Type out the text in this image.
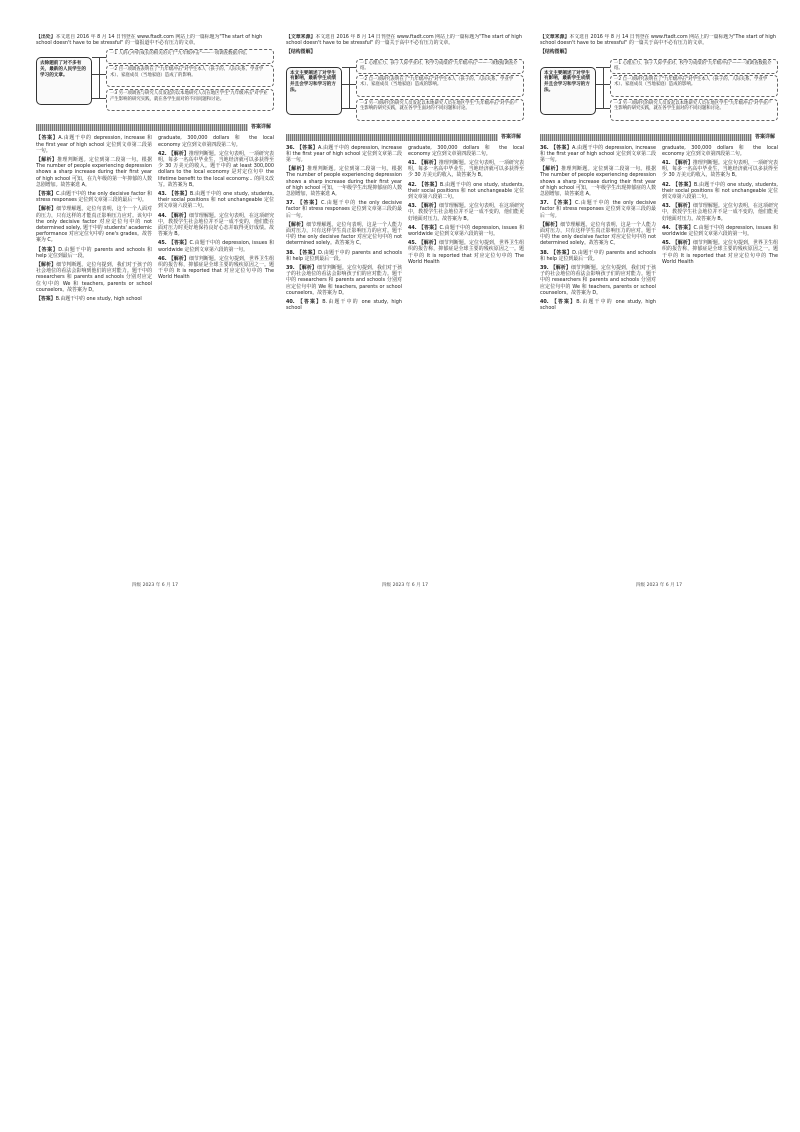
【出处】本文选自 2016 年 8 月 14 日刊登在 www.ftadt.com 网站上的一篇标题为"The start of high school doesn't have to be stressful" 的一篇报道中不必有压力的文章。
去除题前了对不多有关，最新的人民学生的学习的文章。
一1 人的心中的成长的相关的关于"九年级冲击"——一项调查数据介绍。
一2 目一项调查表明在了"九年级冲击"对学生本人（孩子的、人际关系、学业学术）、家庭成员（当地家庭）造成了的影响。
一3 另一项调查与研究人员发起的以本地研究人员在地区学生"九年级冲击"对学业产生影响的研究实践，就在各学生面对的不同问题和讨论。
答案详解

【答案】A.由题干中的 depression, increase 和 the first year of high school 定位到文章第二段第一句。

【解析】推理判断题。定位到第二段第一句。根据 The number of people experiencing depression shows a sharp increase during their first year of high school 可知，在九年级的第一年抑郁的人数急剧增加。故答案选 A。

【答案】C.由题干中的 the only decisive factor 和 stress responses 定位到文章第三段的最后一句。

【解析】细节理解题。定位句表明，这个一个人面对的压力，只有这样的才能真正影响压力应对。该句中 the only decisive factor 对应定位句中的 not determined solely, 题干中的 students' academic performance 对应定位句中的 one's grades。故答案为 C。

【答案】D.由题干中的 parents and schools 和 help 定位到最后一段。

【解析】细节判断题。定位句提到，我们对于孩子的社会地位的看法会影响到他们的应对能力。题干中的 researchers 和 parents and schools 分别对应定位句中的 We 和 teachers, parents or school counselors。故答案为 D。

【答案】B.由题干中的 one study, high school

graduate, 300,000 dollars 和 the local economy 定位到文章第四段第二句。

42. 【解析】推理判断题。定位句表明，一项研究表明，每多一名高中毕业生，当地经济就可以多获得至少 30 万美元的收入。题干中的 at least 300,000 dollars to the local economy 是对定位句中 the lifetime benefit to the local economy... 的同义改写。故答案为 B。

43. 【答案】B.由题干中的 one study, students, their social positions 和 not unchangeable 定位到文章第六段第二句。

44. 【解析】细节理解题。定位句表明，在这项研究中，教授学生社会地位并不是一成不变的，他们能在面对压力时更好地保持良好心态并取得更好成绩。故答案为 B。

45. 【答案】C.由题干中的 depression, issues 和 worldwide 定位到文章第六段的第一句。

46. 【解析】细节判断题。定位句提到，世界卫生组织的报告称，抑郁症是全球主要的残疾原因之一。题干中的 It is reported that 对应定位句中的 The World Health

四级 2023 年 6 月 17
【文章来源】本文选自 2016 年 8 月 14 日刊登在 www.ftadt.com 网站上的一篇标题为"The start of high school doesn't have to be stressful" 的一篇关于高中不必有压力的文章。
【结构图解】
本文主要阐述了对学生有影响，最新学生成绩并且会学习和学习的方法。
一1 心理压力、孩子人际学业对、校学习成绩的"九年级冲击"——一项数据调查介绍。
一2 自一项研究表明在了"九年级冲击"对学生本人（孩子的、人际关系、学业学术）、家庭成员（当地家庭）造成的影响。
一3 另一项研究的研究人员发起以本地研究人员在地区学生"九年级冲击"对学业产生影响的研究实践，就在各学生面对的不同问题和讨论。
答案详解

36. 【答案】A.由题干中的 depression, increase 和 the first year of high school 定位到文章第二段第一句。

【解析】推理判断题。定位到第二段第一句。根据 The number of people experiencing depression shows a sharp increase during their first year of high school 可知，一年级学生出现抑郁症的人数急剧增加，故答案选 A。

37. 【答案】C.由题干中的 the only decisive factor 和 stress responses 定位到文章第三段的最后一句。

【解析】细节理解题。定位句表明，这是一个人能力面对压力，只有这样学生真正影响压力的应对。题干中的 the only decisive factor 对应定位句中的 not determined solely。故答案为 C。

38. 【答案】D.由题干中的 parents and schools 和 help 定位到最后一段。

39. 【解析】细节判断题。定位句提到，我们对于孩子的社会地位的看法会影响孩子们的应对能力。题干中的 researchers 和 parents and schools 分别对应定位句中的 We 和 teachers, parents or school counselors。故答案为 D。

40. 【答案】B.由题干中的 one study, high school

graduate, 300,000 dollars 和 the local economy 定位到文章第四段第二句。

41. 【解析】推理判断题。定位句表明，一项研究表明，每多一名高中毕业生，当地经济就可以多获得至少 30 万美元的收入，故答案为 B。

42. 【答案】B.由题干中的 one study, students, their social positions 和 not unchangeable 定位到文章第六段第二句。

43. 【解析】细节理解题。定位句表明，在这项研究中，教授学生社会地位并不是一成不变的，他们能更好地面对压力。故答案为 B。

44. 【答案】C.由题干中的 depression, issues 和 worldwide 定位到文章第六段的第一句。

45. 【解析】细节判断题。定位句提到，世界卫生组织的报告称，抑郁症是全球主要的残疾原因之一。题干中的 It is reported that 对应定位句中的 The World Health

四级 2023 年 6 月 17
【文章来源】本文选自 2016 年 8 月 14 日刊登在 www.ftadt.com 网站上的一篇标题为"The start of high school doesn't have to be stressful" 的一篇关于高中不必有压力的文章。
【结构图解】
本文主要阐述了对学生有影响，最新学生成绩并且会学习和学习的方法。
一1 心理压力、孩子人际学业对、校学习成绩的"九年级冲击"——一项调查数据介绍。
一2 自一项研究表明在了"九年级冲击"对学生本人（孩子的、人际关系、学业学术）、家庭成员（当地家庭）造成的影响。
一3 另一项研究的研究人员发起以本地研究人员在地区学生"九年级冲击"对学业产生影响的研究实践，就在各学生面对的不同问题和讨论。
答案详解

36. 【答案】A.由题干中的 depression, increase 和 the first year of high school 定位到文章第二段第一句。

【解析】推理判断题。定位到第二段第一句。根据 The number of people experiencing depression shows a sharp increase during their first year of high school 可知，一年级学生出现抑郁症的人数急剧增加，故答案选 A。

37. 【答案】C.由题干中的 the only decisive factor 和 stress responses 定位到文章第三段的最后一句。

【解析】细节理解题。定位句表明，这是一个人能力面对压力，只有这样学生真正影响压力的应对。题干中的 the only decisive factor 对应定位句中的 not determined solely。故答案为 C。

38. 【答案】D.由题干中的 parents and schools 和 help 定位到最后一段。

39. 【解析】细节判断题。定位句提到，我们对于孩子的社会地位的看法会影响孩子们的应对能力。题干中的 researchers 和 parents and schools 分别对应定位句中的 We 和 teachers, parents or school counselors。故答案为 D。

40. 【答案】B.由题干中的 one study, high school

graduate, 300,000 dollars 和 the local economy 定位到文章第四段第二句。

41. 【解析】推理判断题。定位句表明，一项研究表明，每多一名高中毕业生，当地经济就可以多获得至少 30 万美元的收入，故答案为 B。

42. 【答案】B.由题干中的 one study, students, their social positions 和 not unchangeable 定位到文章第六段第二句。

43. 【解析】细节理解题。定位句表明，在这项研究中，教授学生社会地位并不是一成不变的，他们能更好地面对压力。故答案为 B。

44. 【答案】C.由题干中的 depression, issues 和 worldwide 定位到文章第六段的第一句。

45. 【解析】细节判断题。定位句提到，世界卫生组织的报告称，抑郁症是全球主要的残疾原因之一。题干中的 It is reported that 对应定位句中的 The World Health

四级 2023 年 6 月 17
